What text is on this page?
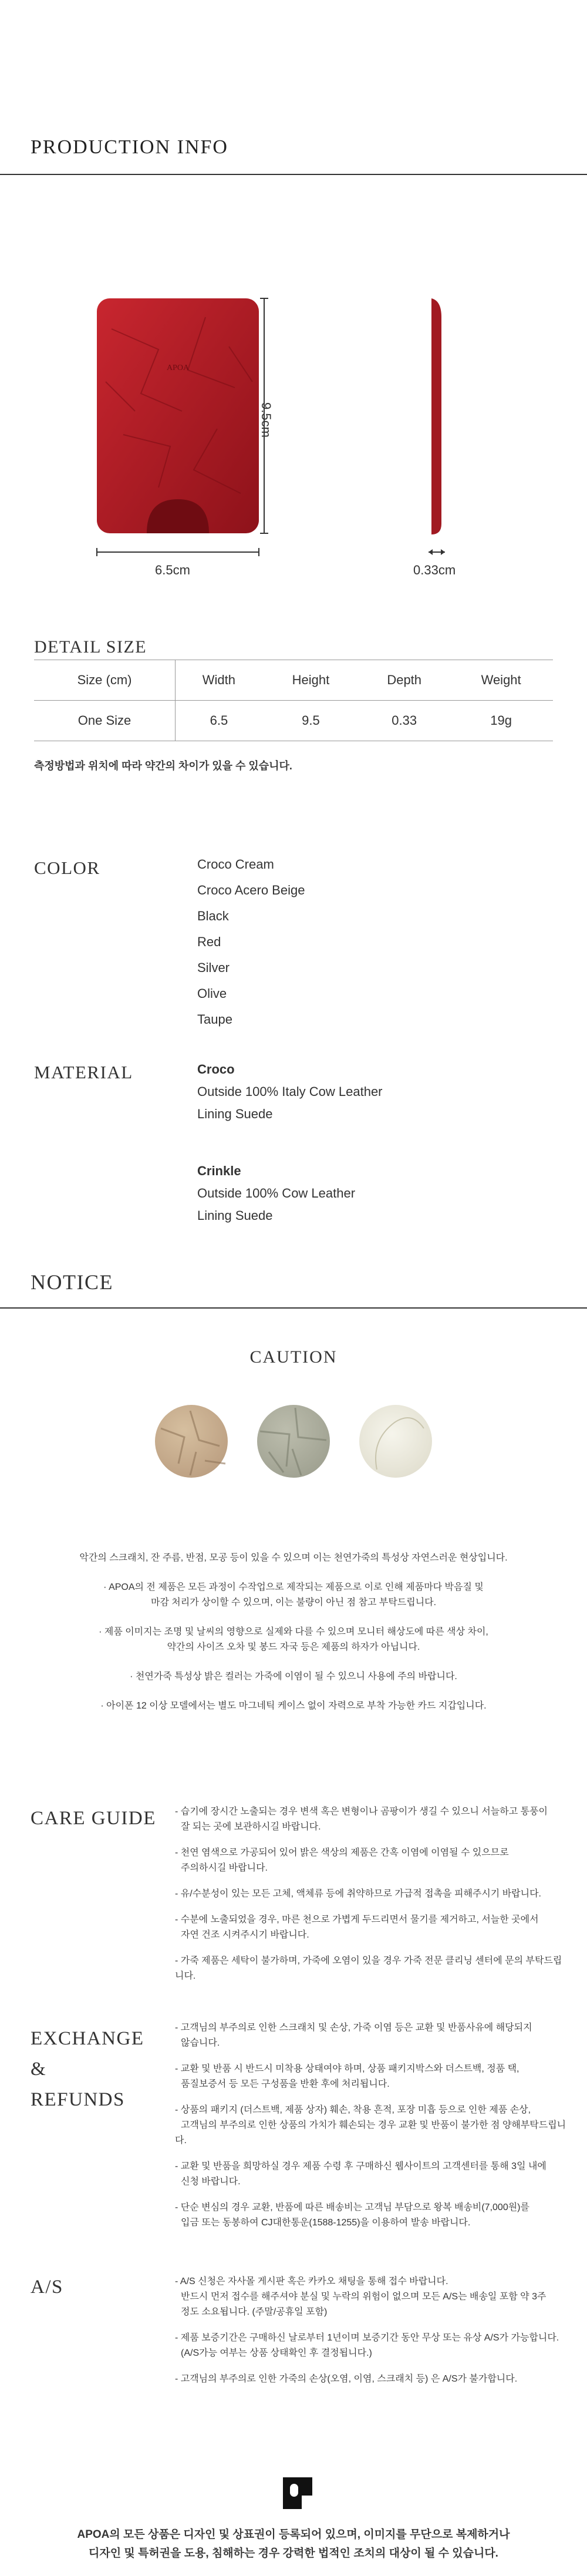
PRODUCTION INFO
APOA
6.5cm
9.5cm
0.33cm
DETAIL SIZE
Size (cm)	Width	Height	Depth	Weight
One Size	6.5	9.5	0.33	19g
측정방법과 위치에 따라 약간의 차이가 있을 수 있습니다.
COLOR	Croco Cream
Croco Acero Beige
Black
Red
Silver
Olive
Taupe
MATERIAL	Croco
Outside 100% Italy Cow Leather
Lining Suede
Crinkle
Outside 100% Cow Leather
Lining Suede
NOTICE
CAUTION
악간의 스크래치, 잔 주름, 반점, 모공 등이 있을 수 있으며 이는 천연가죽의 특성상 자연스러운 현상입니다.
· APOA의 전 제품은 모든 과정이 수작업으로 제작되는 제품으로 이로 인해 제품마다 박음질 및
마감 처리가 상이할 수 있으며, 이는 불량이 아닌 점 참고 부탁드립니다.
· 제품 이미지는 조명 및 날씨의 영향으로 실제와 다를 수 있으며 모니터 해상도에 따른 색상 차이,
약간의 사이즈 오차 및 봉드 자국 등은 제품의 하자가 아닙니다.
· 천연가죽 특성상 밝은 컬러는 가죽에 이염이 될 수 있으니 사용에 주의 바랍니다.
· 아이폰 12 이상 모델에서는 별도 마그네틱 케이스 없이 자력으로 부착 가능한 카드 지갑입니다.
CARE GUIDE - 습기에 장시간 노출되는 경우 변색 혹은 변형이나 곰팡이가 생길 수 있으니 서늘하고 통풍이
잘 되는 곳에 보관하시길 바랍니다.

- 천연 염색으로 가공되어 있어 밝은 색상의 제품은 간혹 이염에 이염될 수 있으므로
주의하시길 바랍니다.

- 유/수분성이 있는 모든 고체, 액체류 등에 취약하므로 가급적 접촉을 피해주시기 바랍니다.

- 수분에 노출되었을 경우, 마른 천으로 가볍게 두드리면서 물기를 제거하고, 서늘한 곳에서
자연 건조 시켜주시기 바랍니다.

- 가죽 제품은 세탁이 불가하며, 가죽에 오염이 있을 경우 가죽 전문 클리닝 센터에 문의 부탁드립니다.

EXCHANGE
&
REFUNDS

- 고객님의 부주의로 인한 스크래치 및 손상, 가죽 이염 등은 교환 및 반품사유에 해당되지
않습니다.

- 교환 및 반품 시 반드시 미착용 상태여야 하며, 상품 패키지박스와 더스트백, 정품 택,
품질보증서 등 모든 구성품을 반환 후에 처리됩니다.

- 상품의 패키지 (더스트백, 제품 상자) 훼손, 착용 흔적, 포장 미흡 등으로 인한 제품 손상,
고객님의 부주의로 인한 상품의 가치가 훼손되는 경우 교환 및 반품이 불가한 점 양해부탁드립니다.

- 교환 및 반품을 희망하실 경우 제품 수령 후 구매하신 웹사이트의 고객센터를 통해 3일 내에
신청 바랍니다.

- 단순 변심의 경우 교환, 반품에 따른 배송비는 고객님 부담으로 왕복 배송비(7,000원)를
입금 또는 동봉하여 CJ대한통운(1588-1255)을 이용하여 발송 바랍니다.

A/S	- A/S 신청은 자사몰 게시판 혹은 카카오 채팅을 통해 접수 바랍니다.
반드시 먼저 접수를 해주셔야 분실 및 누락의 위험이 없으며 모든 A/S는 배송일 포함 약 3주
정도 소요됩니다. (주말/공휴일 포함)

- 제품 보증기간은 구매하신 날로부터 1년이며 보증기간 동안 무상 또는 유상 A/S가 가능합니다.
(A/S가능 여부는 상품 상태확인 후 결정됩니다.)

- 고객님의 부주의로 인한 가죽의 손상(오염, 이염, 스크래치 등) 은 A/S가 불가합니다.

APOA의 모든 상품은 디자인 및 상표권이 등록되어 있으며, 이미지를 무단으로 복제하거나
디자인 및 특허권을 도용, 침해하는 경우 강력한 법적인 조치의 대상이 될 수 있습니다.
